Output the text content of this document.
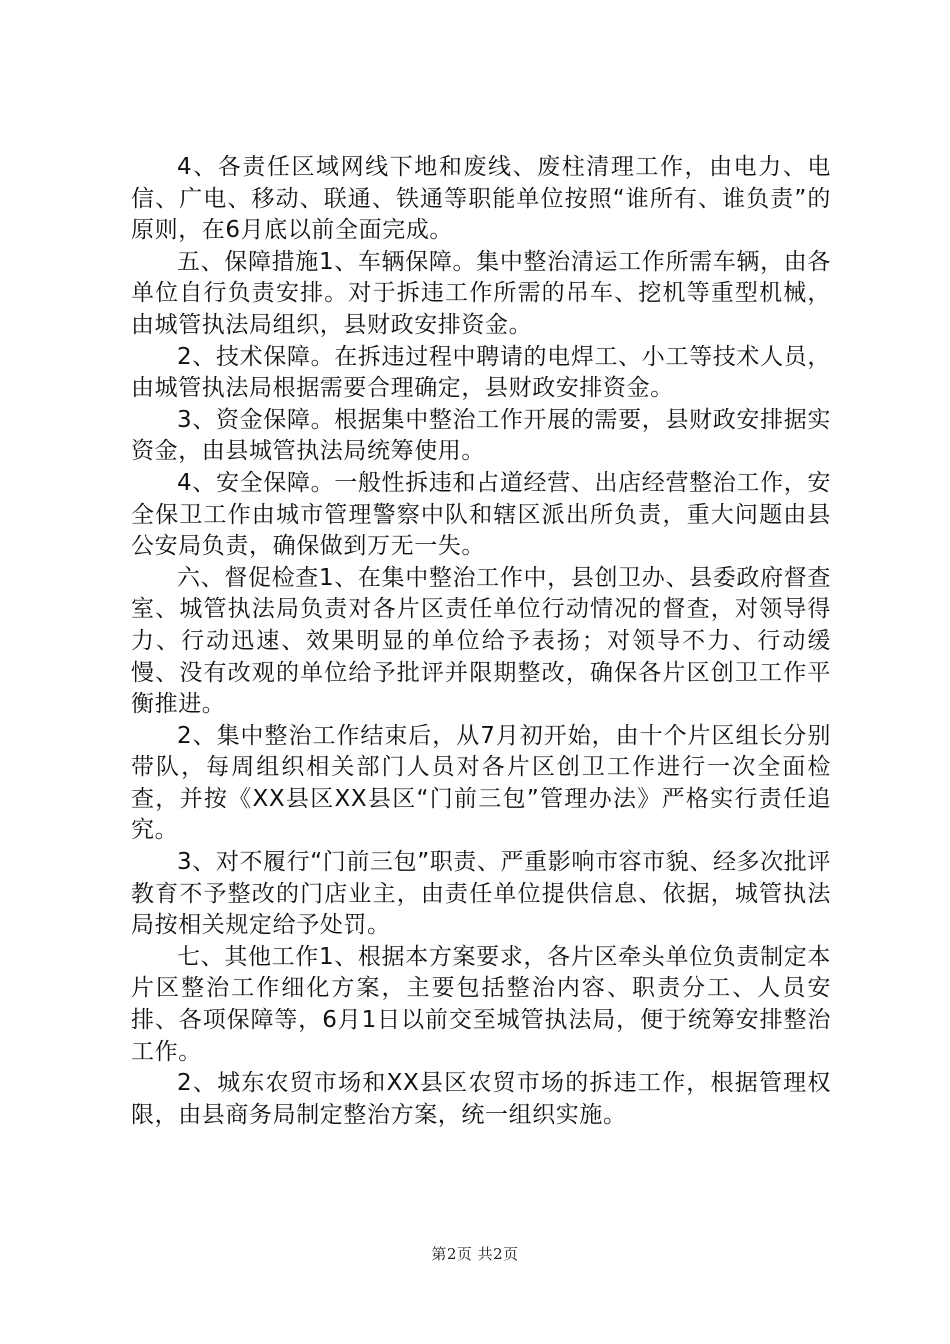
4、各责任区域网线下地和废线、废柱清理工作，由电力、电信、广电、移动、联通、铁通等职能单位按照“谁所有、谁负责”的原则，在6月底以前全面完成。

五、保障措施1、车辆保障。集中整治清运工作所需车辆，由各单位自行负责安排。对于拆违工作所需的吊车、挖机等重型机械，由城管执法局组织，县财政安排资金。

2、技术保障。在拆违过程中聘请的电焊工、小工等技术人员，由城管执法局根据需要合理确定，县财政安排资金。

3、资金保障。根据集中整治工作开展的需要，县财政安排据实资金，由县城管执法局统筹使用。

4、安全保障。一般性拆违和占道经营、出店经营整治工作，安全保卫工作由城市管理警察中队和辖区派出所负责，重大问题由县公安局负责，确保做到万无一失。

六、督促检查1、在集中整治工作中，县创卫办、县委政府督查室、城管执法局负责对各片区责任单位行动情况的督查，对领导得力、行动迅速、效果明显的单位给予表扬；对领导不力、行动缓慢、没有改观的单位给予批评并限期整改，确保各片区创卫工作平衡推进。

2、集中整治工作结束后，从7月初开始，由十个片区组长分别带队，每周组织相关部门人员对各片区创卫工作进行一次全面检查，并按《XX县区XX县区“门前三包”管理办法》严格实行责任追究。

3、对不履行“门前三包”职责、严重影响市容市貌、经多次批评教育不予整改的门店业主，由责任单位提供信息、依据，城管执法局按相关规定给予处罚。

七、其他工作1、根据本方案要求，各片区牵头单位负责制定本片区整治工作细化方案，主要包括整治内容、职责分工、人员安排、各项保障等，6月1日以前交至城管执法局，便于统筹安排整治工作。

2、城东农贸市场和XX县区农贸市场的拆违工作，根据管理权限，由县商务局制定整治方案，统一组织实施。

第2页 共2页
